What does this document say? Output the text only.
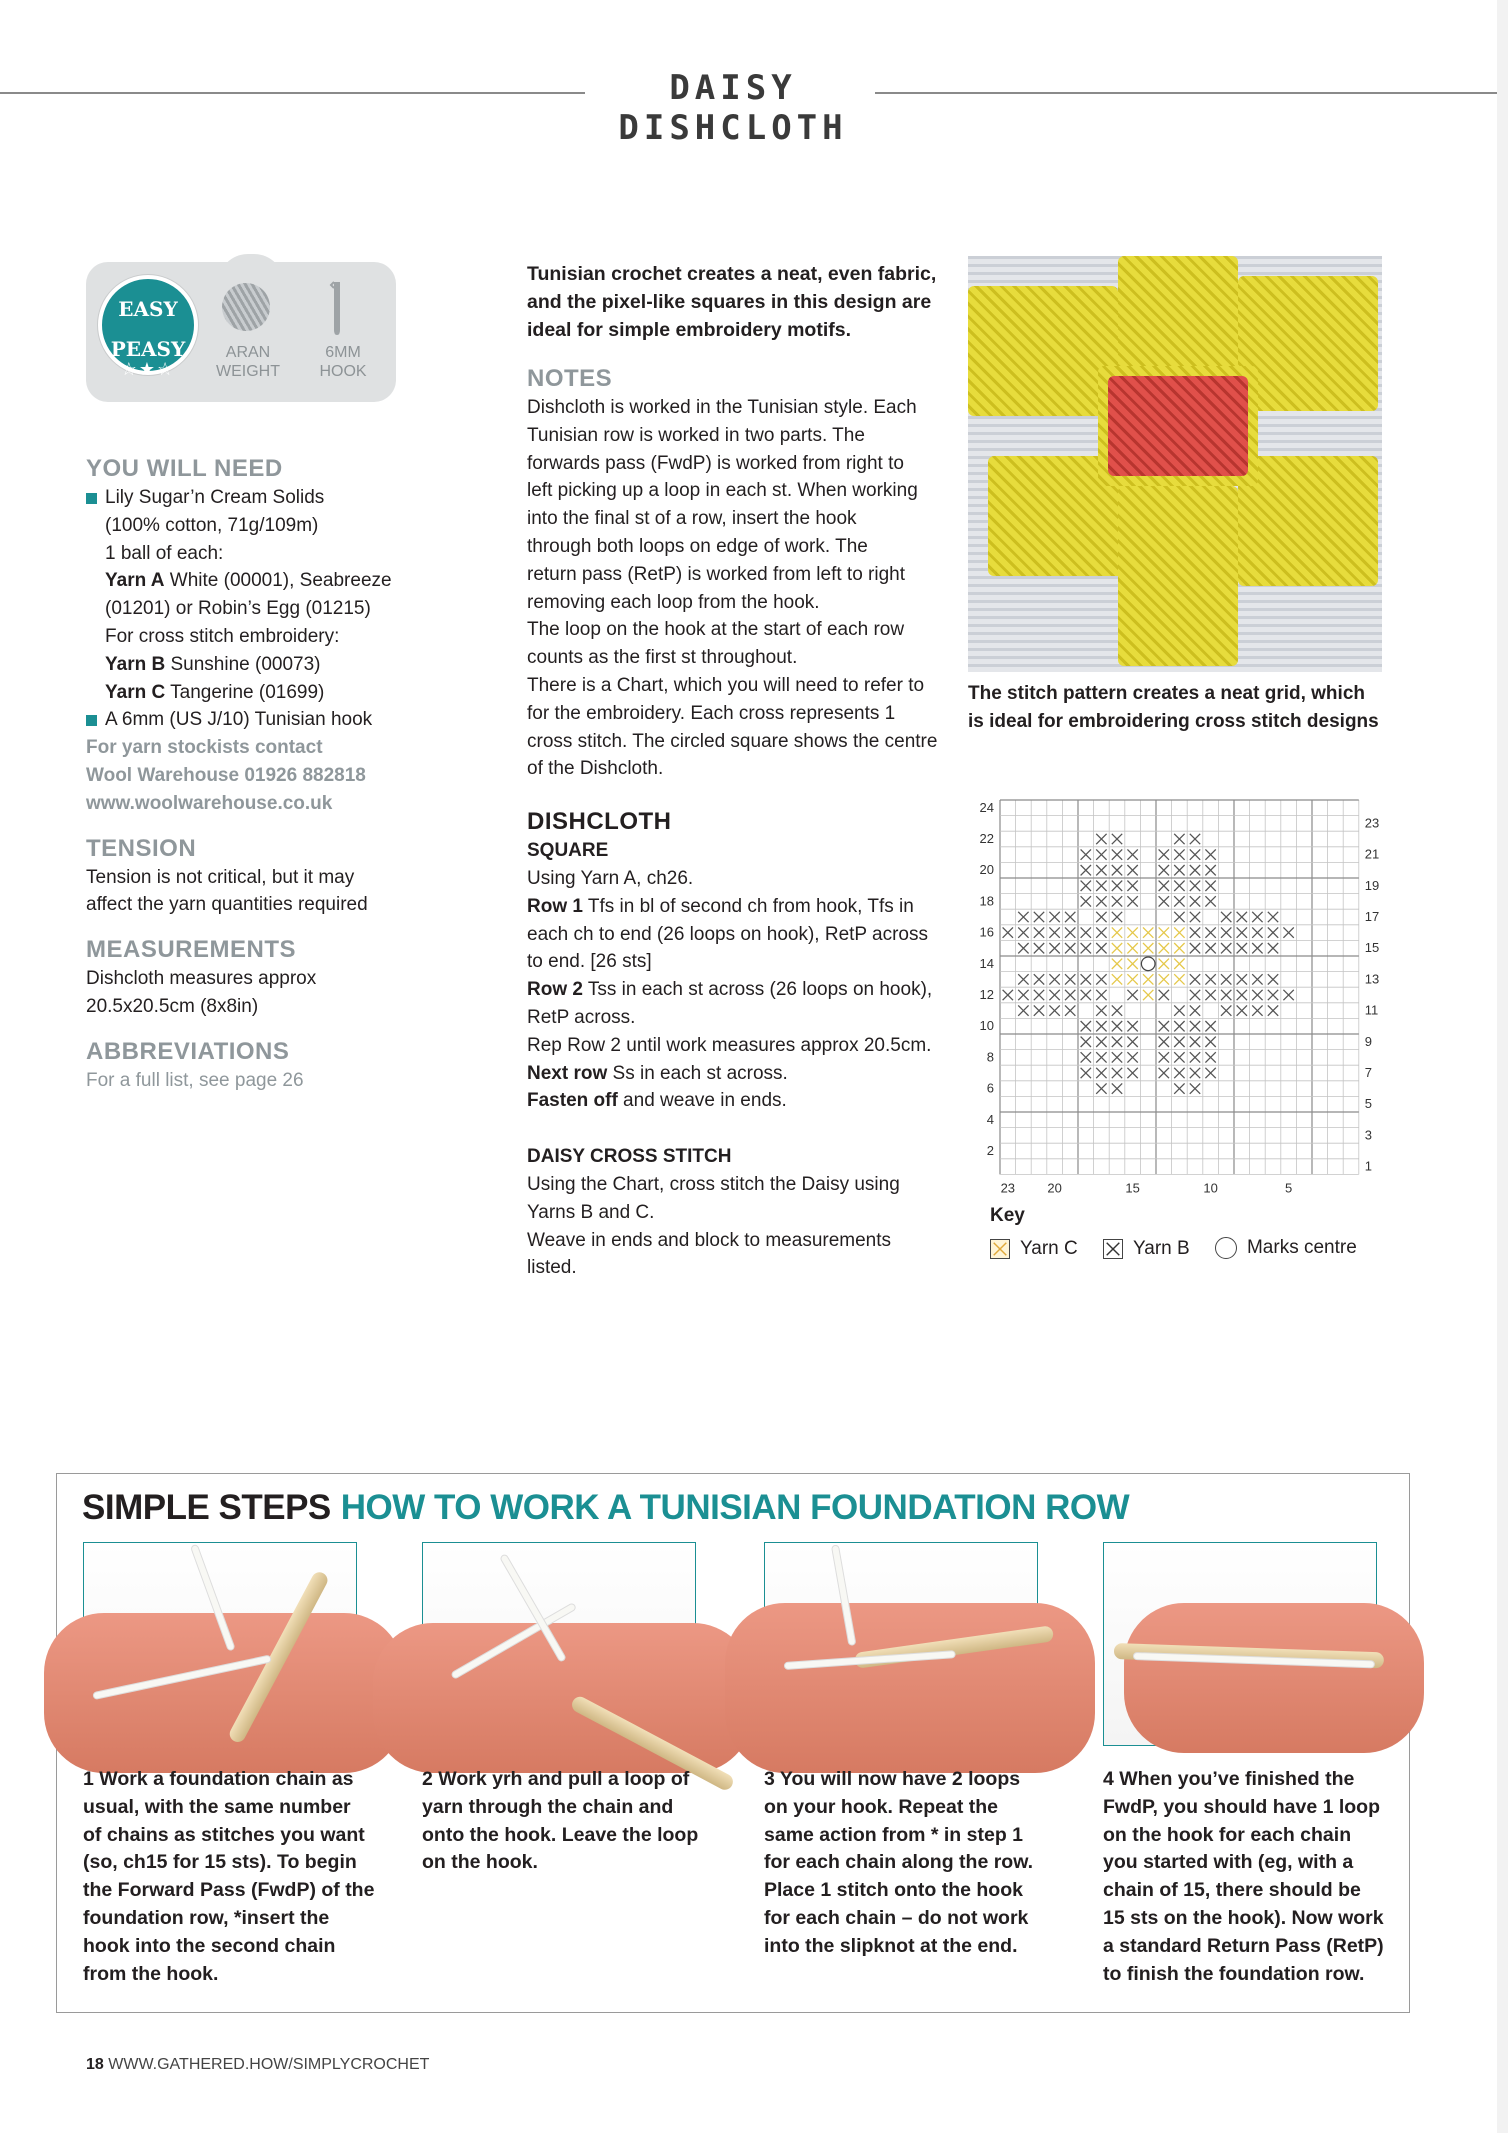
DAISY DISHCLOTH
EASY
PEASY
☆★☆
ARAN
WEIGHT
6MM
HOOK
YOU WILL NEED
Lily Sugar’n Cream Solids
(100% cotton, 71g/109m)
1 ball of each:
Yarn A White (00001), Seabreeze
(01201) or Robin’s Egg (01215)
For cross stitch embroidery:
Yarn B Sunshine (00073)
Yarn C Tangerine (01699)
A 6mm (US J/10) Tunisian hook
For yarn stockists contact
Wool Warehouse 01926 882818
www.woolwarehouse.co.uk
TENSION
Tension is not critical, but it may
affect the yarn quantities required
MEASUREMENTS
Dishcloth measures approx
20.5x20.5cm (8x8in)
ABBREVIATIONS
For a full list, see page 26
Tunisian crochet creates a neat, even fabric,
and the pixel-like squares in this design are
ideal for simple embroidery motifs.
NOTES
Dishcloth is worked in the Tunisian style. Each
Tunisian row is worked in two parts. The
forwards pass (FwdP) is worked from right to
left picking up a loop in each st. When working
into the final st of a row, insert the hook
through both loops on edge of work. The
return pass (RetP) is worked from left to right
removing each loop from the hook.
The loop on the hook at the start of each row
counts as the first st throughout.
There is a Chart, which you will need to refer to
for the embroidery. Each cross represents 1
cross stitch. The circled square shows the centre
of the Dishcloth.
DISHCLOTH
SQUARE
Using Yarn A, ch26.
Row 1 Tfs in bl of second ch from hook, Tfs in
each ch to end (26 loops on hook), RetP across
to end. [26 sts]
Row 2 Tss in each st across (26 loops on hook),
RetP across.
Rep Row 2 until work measures approx 20.5cm.
Next row Ss in each st across.
Fasten off and weave in ends.
DAISY CROSS STITCH
Using the Chart, cross stitch the Daisy using
Yarns B and C.
Weave in ends and block to measurements
listed.
The stitch pattern creates a neat grid, which
is ideal for embroidering cross stitch designs
24
22
20
18
16
14
12
10
8
6
4
2
23
21
19
17
15
13
11
9
7
5
3
1
23 20	15	10	5
Key
Yarn C
	Yarn B
	Marks centre
SIMPLE STEPS HOW TO WORK A TUNISIAN FOUNDATION ROW
1 Work a foundation chain as
usual, with the same number
of chains as stitches you want
(so, ch15 for 15 sts). To begin
the Forward Pass (FwdP) of the
foundation row, *insert the
hook into the second chain
from the hook.
2 Work yrh and pull a loop of
yarn through the chain and
onto the hook. Leave the loop
on the hook.
3 You will now have 2 loops
on your hook. Repeat the
same action from * in step 1
for each chain along the row.
Place 1 stitch onto the hook
for each chain – do not work
into the slipknot at the end.
4 When you’ve finished the
FwdP, you should have 1 loop
on the hook for each chain
you started with (eg, with a
chain of 15, there should be
15 sts on the hook). Now work
a standard Return Pass (RetP)
to finish the foundation row.
18 WWW.GATHERED.HOW/SIMPLYCROCHET
